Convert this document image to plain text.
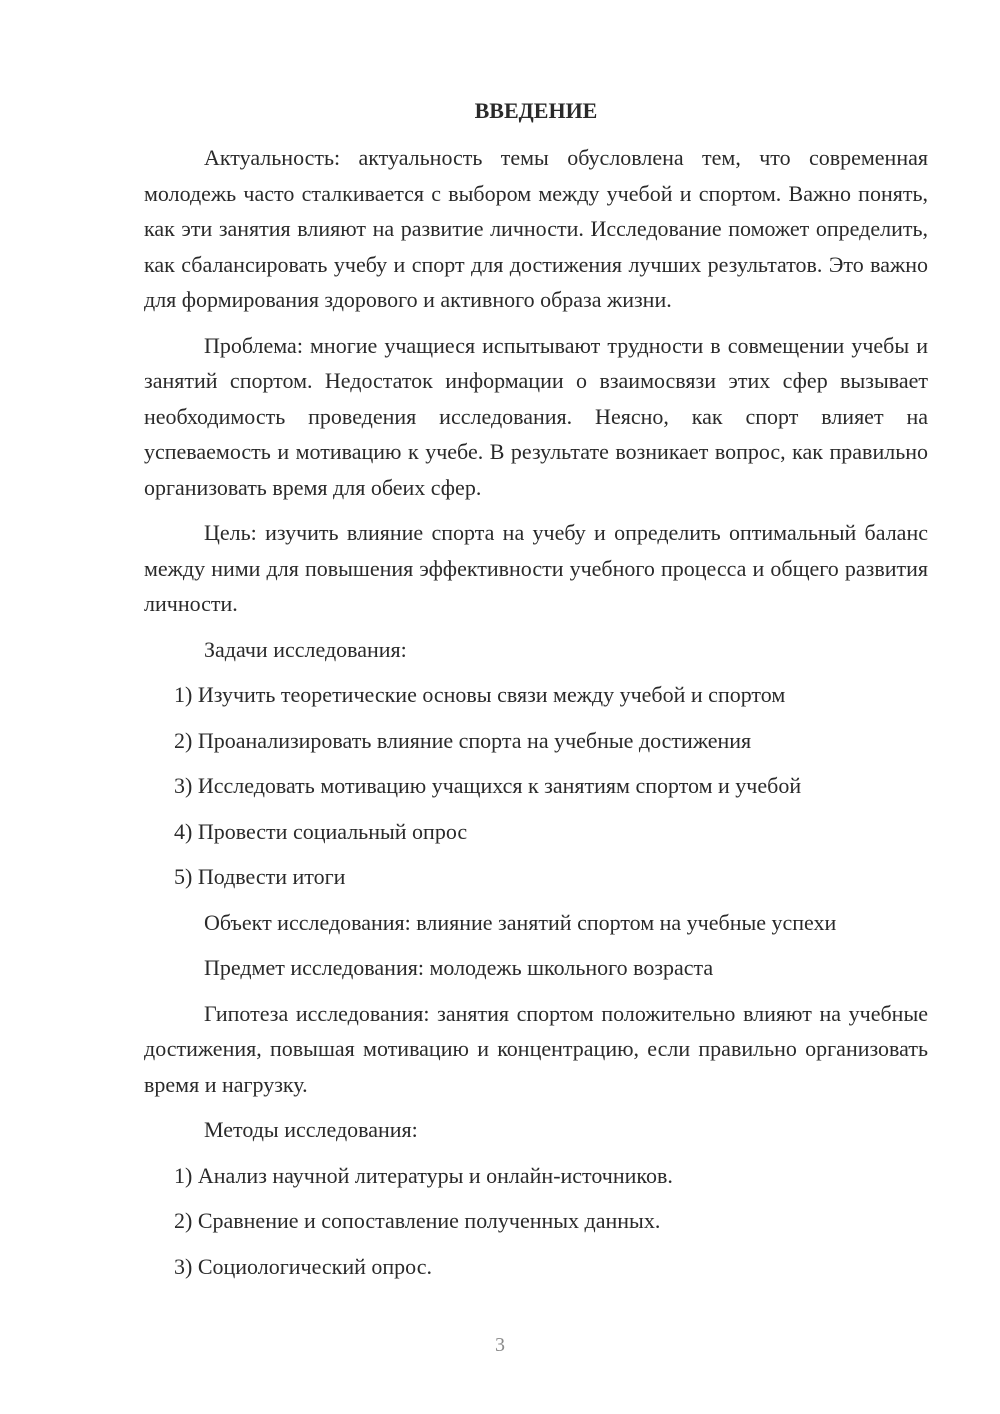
ВВЕДЕНИЕ

Актуальность: актуальность темы обусловлена тем, что современная молодежь часто сталкивается с выбором между учебой и спортом. Важно понять, как эти занятия влияют на развитие личности. Исследование поможет определить, как сбалансировать учебу и спорт для достижения лучших результатов. Это важно для формирования здорового и активного образа жизни.

Проблема: многие учащиеся испытывают трудности в совмещении учебы и занятий спортом. Недостаток информации о взаимосвязи этих сфер вызывает необходимость проведения исследования. Неясно, как спорт влияет на успеваемость и мотивацию к учебе. В результате возникает вопрос, как правильно организовать время для обеих сфер.

Цель: изучить влияние спорта на учебу и определить оптимальный баланс между ними для повышения эффективности учебного процесса и общего развития личности.

Задачи исследования:
1) Изучить теоретические основы связи между учебой и спортом
2) Проанализировать влияние спорта на учебные достижения
3) Исследовать мотивацию учащихся к занятиям спортом и учебой
4) Провести социальный опрос
5) Подвести итоги
Объект исследования: влияние занятий спортом на учебные успехи
Предмет исследования: молодежь школьного возраста

Гипотеза исследования: занятия спортом положительно влияют на учебные достижения, повышая мотивацию и концентрацию, если правильно организовать время и нагрузку.

Методы исследования:
1) Анализ научной литературы и онлайн-источников.
2) Сравнение и сопоставление полученных данных.
3) Социологический опрос.
3
